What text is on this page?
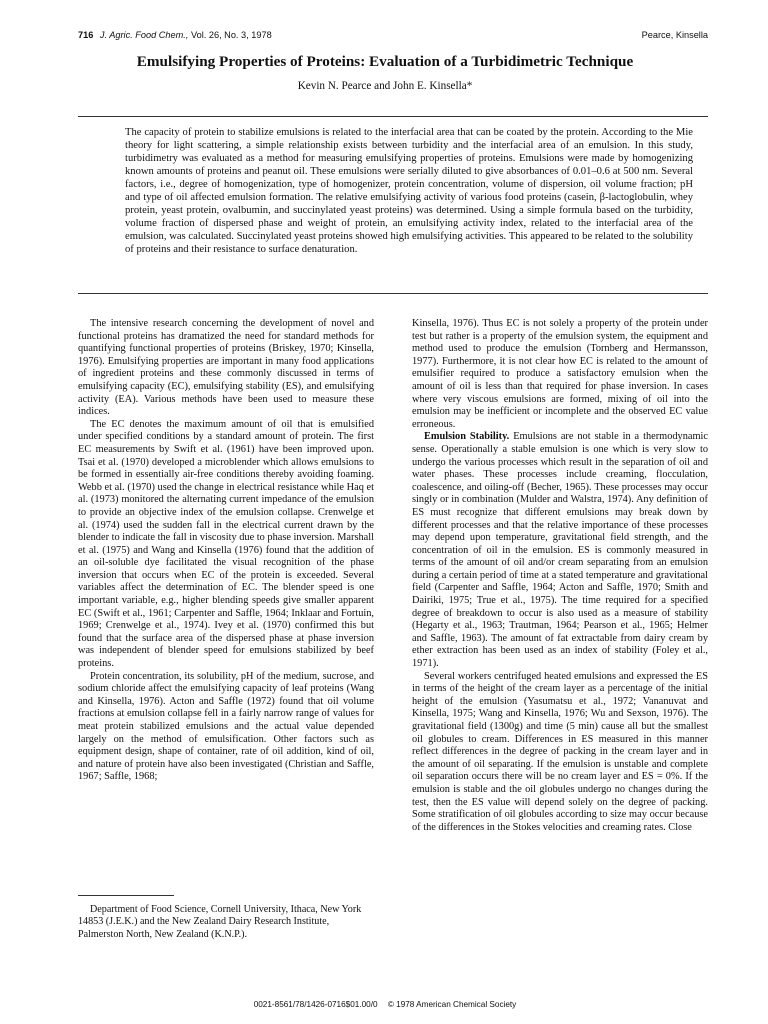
716 J. Agric. Food Chem., Vol. 26, No. 3, 1978	Pearce, Kinsella
Emulsifying Properties of Proteins: Evaluation of a Turbidimetric Technique

Kevin N. Pearce and John E. Kinsella*

The capacity of protein to stabilize emulsions is related to the interfacial area that can be coated by the protein. According to the Mie theory for light scattering, a simple relationship exists between turbidity and the interfacial area of an emulsion. In this study, turbidimetry was evaluated as a method for measuring emulsifying properties of proteins. Emulsions were made by homogenizing known amounts of proteins and peanut oil. These emulsions were serially diluted to give absorbances of 0.01–0.6 at 500 nm. Several factors, i.e., degree of homogenization, type of homogenizer, protein concentration, volume of dispersion, oil volume fraction; pH and type of oil affected emulsion formation. The relative emulsifying activity of various food proteins (casein, β-lactoglobulin, whey protein, yeast protein, ovalbumin, and succinylated yeast proteins) was determined. Using a simple formula based on the turbidity, volume fraction of dispersed phase and weight of protein, an emulsifying activity index, related to the interfacial area of the emulsion, was calculated. Succinylated yeast proteins showed high emulsifying activities. This appeared to be related to the solubility of proteins and their resistance to surface denaturation.

The intensive research concerning the development of novel and functional proteins has dramatized the need for standard methods for quantifying functional properties of proteins (Briskey, 1970; Kinsella, 1976). Emulsifying properties are important in many food applications of ingredient proteins and these commonly discussed in terms of emulsifying capacity (EC), emulsifying stability (ES), and emulsifying activity (EA). Various methods have been used to measure these indices.

The EC denotes the maximum amount of oil that is emulsified under specified conditions by a standard amount of protein. The first EC measurements by Swift et al. (1961) have been improved upon. Tsai et al. (1970) developed a microblender which allows emulsions to be formed in essentially air-free conditions thereby avoiding foaming. Webb et al. (1970) used the change in electrical resistance while Haq et al. (1973) monitored the alternating current impedance of the emulsion to provide an objective index of the emulsion collapse. Crenwelge et al. (1974) used the sudden fall in the electrical current drawn by the blender to indicate the fall in viscosity due to phase inversion. Marshall et al. (1975) and Wang and Kinsella (1976) found that the addition of an oil-soluble dye facilitated the visual recognition of the phase inversion that occurs when EC of the protein is exceeded. Several variables affect the determination of EC. The blender speed is one important variable, e.g., higher blending speeds give smaller apparent EC (Swift et al., 1961; Carpenter and Saffle, 1964; Inklaar and Fortuin, 1969; Crenwelge et al., 1974). Ivey et al. (1970) confirmed this but found that the surface area of the dispersed phase at phase inversion was independent of blender speed for emulsions stabilized by beef proteins.

Protein concentration, its solubility, pH of the medium, sucrose, and sodium chloride affect the emulsifying capacity of leaf proteins (Wang and Kinsella, 1976). Acton and Saffle (1972) found that oil volume fractions at emulsion collapse fell in a fairly narrow range of values for meat protein stabilized emulsions and the actual value depended largely on the method of emulsification. Other factors such as equipment design, shape of container, rate of oil addition, kind of oil, and nature of protein have also been investigated (Christian and Saffle, 1967; Saffle, 1968;

Department of Food Science, Cornell University, Ithaca, New York 14853 (J.E.K.) and the New Zealand Dairy Research Institute, Palmerston North, New Zealand (K.N.P.).

Kinsella, 1976). Thus EC is not solely a property of the protein under test but rather is a property of the emulsion system, the equipment and method used to produce the emulsion (Tornberg and Hermansson, 1977). Furthermore, it is not clear how EC is related to the amount of emulsifier required to produce a satisfactory emulsion when the amount of oil is less than that required for phase inversion. In cases where very viscous emulsions are formed, mixing of oil into the emulsion may be inefficient or incomplete and the observed EC value erroneous.

Emulsion Stability. Emulsions are not stable in a thermodynamic sense. Operationally a stable emulsion is one which is very slow to undergo the various processes which result in the separation of oil and water phases. These processes include creaming, flocculation, coalescence, and oiling-off (Becher, 1965). These processes may occur singly or in combination (Mulder and Walstra, 1974). Any definition of ES must recognize that different emulsions may break down by different processes and that the relative importance of these processes may depend upon temperature, gravitational field strength, and the concentration of oil in the emulsion. ES is commonly measured in terms of the amount of oil and/or cream separating from an emulsion during a certain period of time at a stated temperature and gravitational field (Carpenter and Saffle, 1964; Acton and Saffle, 1970; Smith and Dairiki, 1975; True et al., 1975). The time required for a specified degree of breakdown to occur is also used as a measure of stability (Hegarty et al., 1963; Trautman, 1964; Pearson et al., 1965; Helmer and Saffle, 1963). The amount of fat extractable from dairy cream by ether extraction has been used as an index of stability (Foley et al., 1971).

Several workers centrifuged heated emulsions and expressed the ES in terms of the height of the cream layer as a percentage of the initial height of the emulsion (Yasumatsu et al., 1972; Vananuvat and Kinsella, 1975; Wang and Kinsella, 1976; Wu and Sexson, 1976). The gravitational field (1300g) and time (5 min) cause all but the smallest oil globules to cream. Differences in ES measured in this manner reflect differences in the degree of packing in the cream layer and in the amount of oil separating. If the emulsion is unstable and complete oil separation occurs there will be no cream layer and ES = 0%. If the emulsion is stable and the oil globules undergo no changes during the test, then the ES value will depend solely on the degree of packing. Some stratification of oil globules according to size may occur because of the differences in the Stokes velocities and creaming rates. Close

0021-8561/78/1426-0716$01.00/0 © 1978 American Chemical Society
